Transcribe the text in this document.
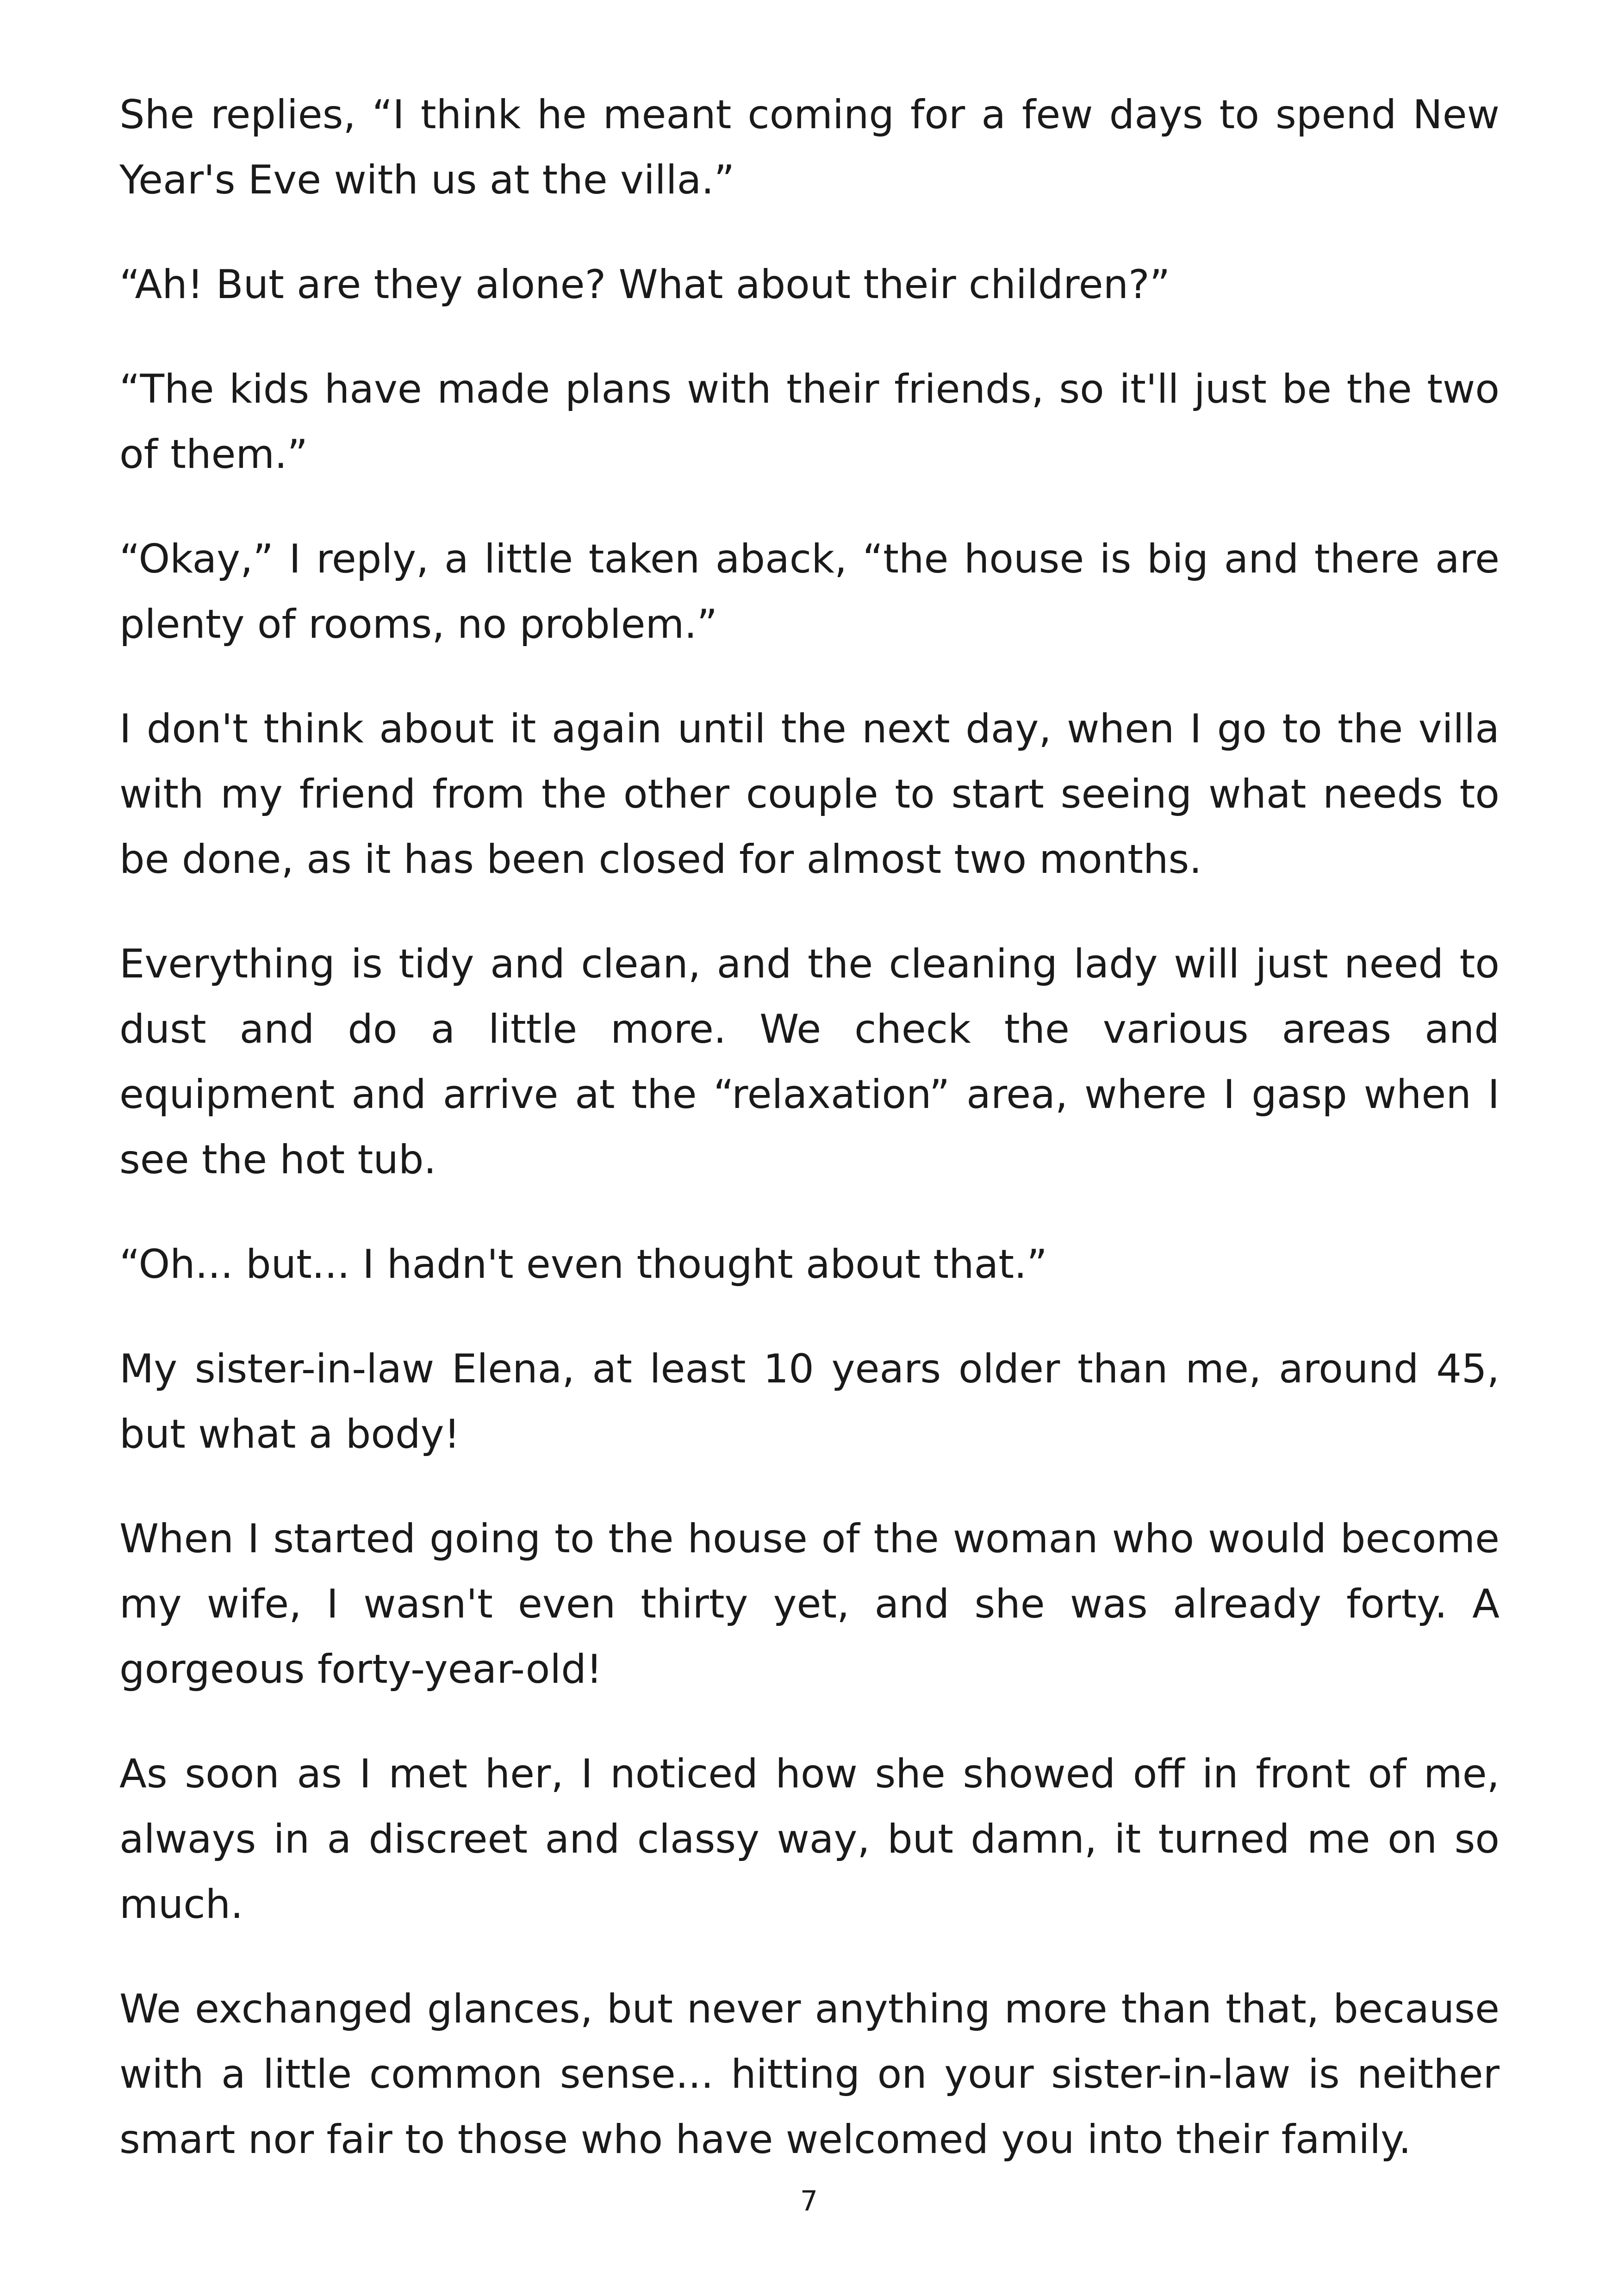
She replies, “I think he meant coming for a few days to spend New Year's Eve with us at the villa.”

“Ah! But are they alone? What about their children?”

“The kids have made plans with their friends, so it'll just be the two of them.”

“Okay,” I reply, a little taken aback, “the house is big and there are plenty of rooms, no problem.”

I don't think about it again until the next day, when I go to the villa with my friend from the other couple to start seeing what needs to be done, as it has been closed for almost two months.

Everything is tidy and clean, and the cleaning lady will just need to dust and do a little more. We check the various areas and equipment and arrive at the “relaxation” area, where I gasp when I see the hot tub.

“Oh... but... I hadn't even thought about that.”

My sister-in-law Elena, at least 10 years older than me, around 45, but what a body!

When I started going to the house of the woman who would become my wife, I wasn't even thirty yet, and she was already forty. A gorgeous forty-year-old!

As soon as I met her, I noticed how she showed off in front of me, always in a discreet and classy way, but damn, it turned me on so much.

We exchanged glances, but never anything more than that, because with a little common sense... hitting on your sister-in-law is neither smart nor fair to those who have welcomed you into their family.

7
